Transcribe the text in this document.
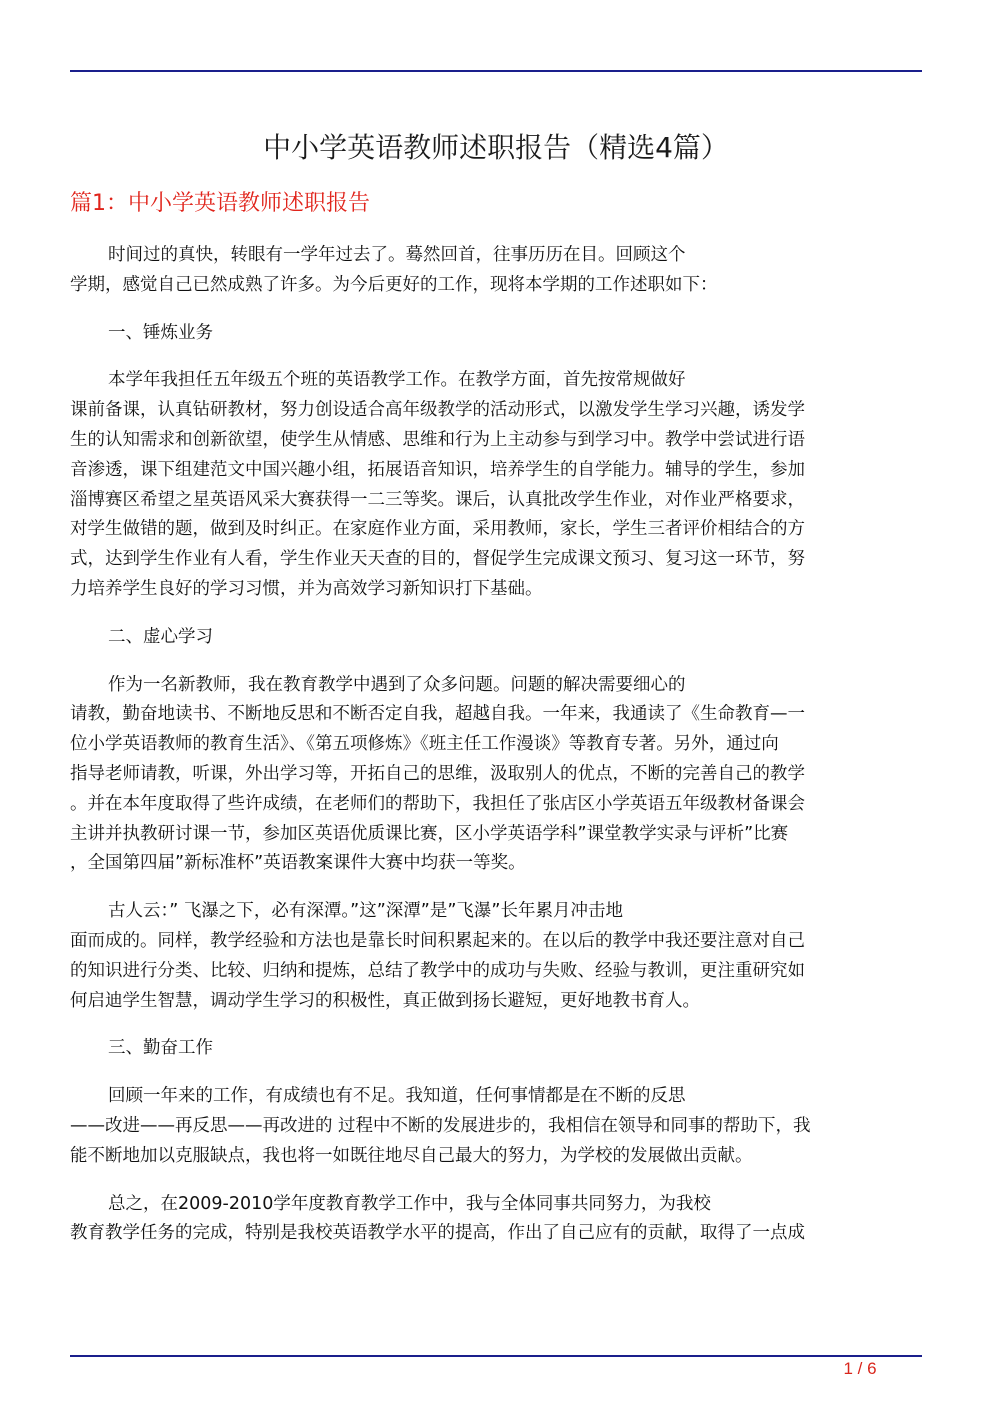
中小学英语教师述职报告（精选4篇）
篇1：中小学英语教师述职报告
时间过的真快，转眼有一学年过去了。蓦然回首，往事历历在目。回顾这个
学期，感觉自己已然成熟了许多。为今后更好的工作，现将本学期的工作述职如下：
一、锤炼业务
本学年我担任五年级五个班的英语教学工作。在教学方面，首先按常规做好
课前备课，认真钻研教材，努力创设适合高年级教学的活动形式，以激发学生学习兴趣，诱发学
生的认知需求和创新欲望，使学生从情感、思维和行为上主动参与到学习中。教学中尝试进行语
音渗透，课下组建范文中国兴趣小组，拓展语音知识，培养学生的自学能力。辅导的学生，参加
淄博赛区希望之星英语风采大赛获得一二三等奖。课后，认真批改学生作业，对作业严格要求，
对学生做错的题，做到及时纠正。在家庭作业方面，采用教师，家长，学生三者评价相结合的方
式，达到学生作业有人看，学生作业天天查的目的，督促学生完成课文预习、复习这一环节，努
力培养学生良好的学习习惯，并为高效学习新知识打下基础。
二、虚心学习
作为一名新教师，我在教育教学中遇到了众多问题。问题的解决需要细心的
请教，勤奋地读书、不断地反思和不断否定自我，超越自我。一年来，我通读了《生命教育—一
位小学英语教师的教育生活》、《第五项修炼》《班主任工作漫谈》等教育专著。另外，通过向
指导老师请教，听课，外出学习等，开拓自己的思维，汲取别人的优点，不断的完善自己的教学
。并在本年度取得了些许成绩，在老师们的帮助下，我担任了张店区小学英语五年级教材备课会
主讲并执教研讨课一节，参加区英语优质课比赛，区小学英语学科”课堂教学实录与评析”比赛
，全国第四届”新标准杯”英语教案课件大赛中均获一等奖。
古人云：” 飞瀑之下，必有深潭。”这”深潭”是”飞瀑”长年累月冲击地
面而成的。同样，教学经验和方法也是靠长时间积累起来的。在以后的教学中我还要注意对自己
的知识进行分类、比较、归纳和提炼，总结了教学中的成功与失败、经验与教训，更注重研究如
何启迪学生智慧，调动学生学习的积极性，真正做到扬长避短，更好地教书育人。
三、勤奋工作
回顾一年来的工作，有成绩也有不足。我知道，任何事情都是在不断的反思
——改进——再反思——再改进的 过程中不断的发展进步的，我相信在领导和同事的帮助下，我
能不断地加以克服缺点，我也将一如既往地尽自己最大的努力，为学校的发展做出贡献。
总之，在2009-2010学年度教育教学工作中，我与全体同事共同努力，为我校
教育教学任务的完成，特别是我校英语教学水平的提高，作出了自己应有的贡献，取得了一点成
1 / 6
